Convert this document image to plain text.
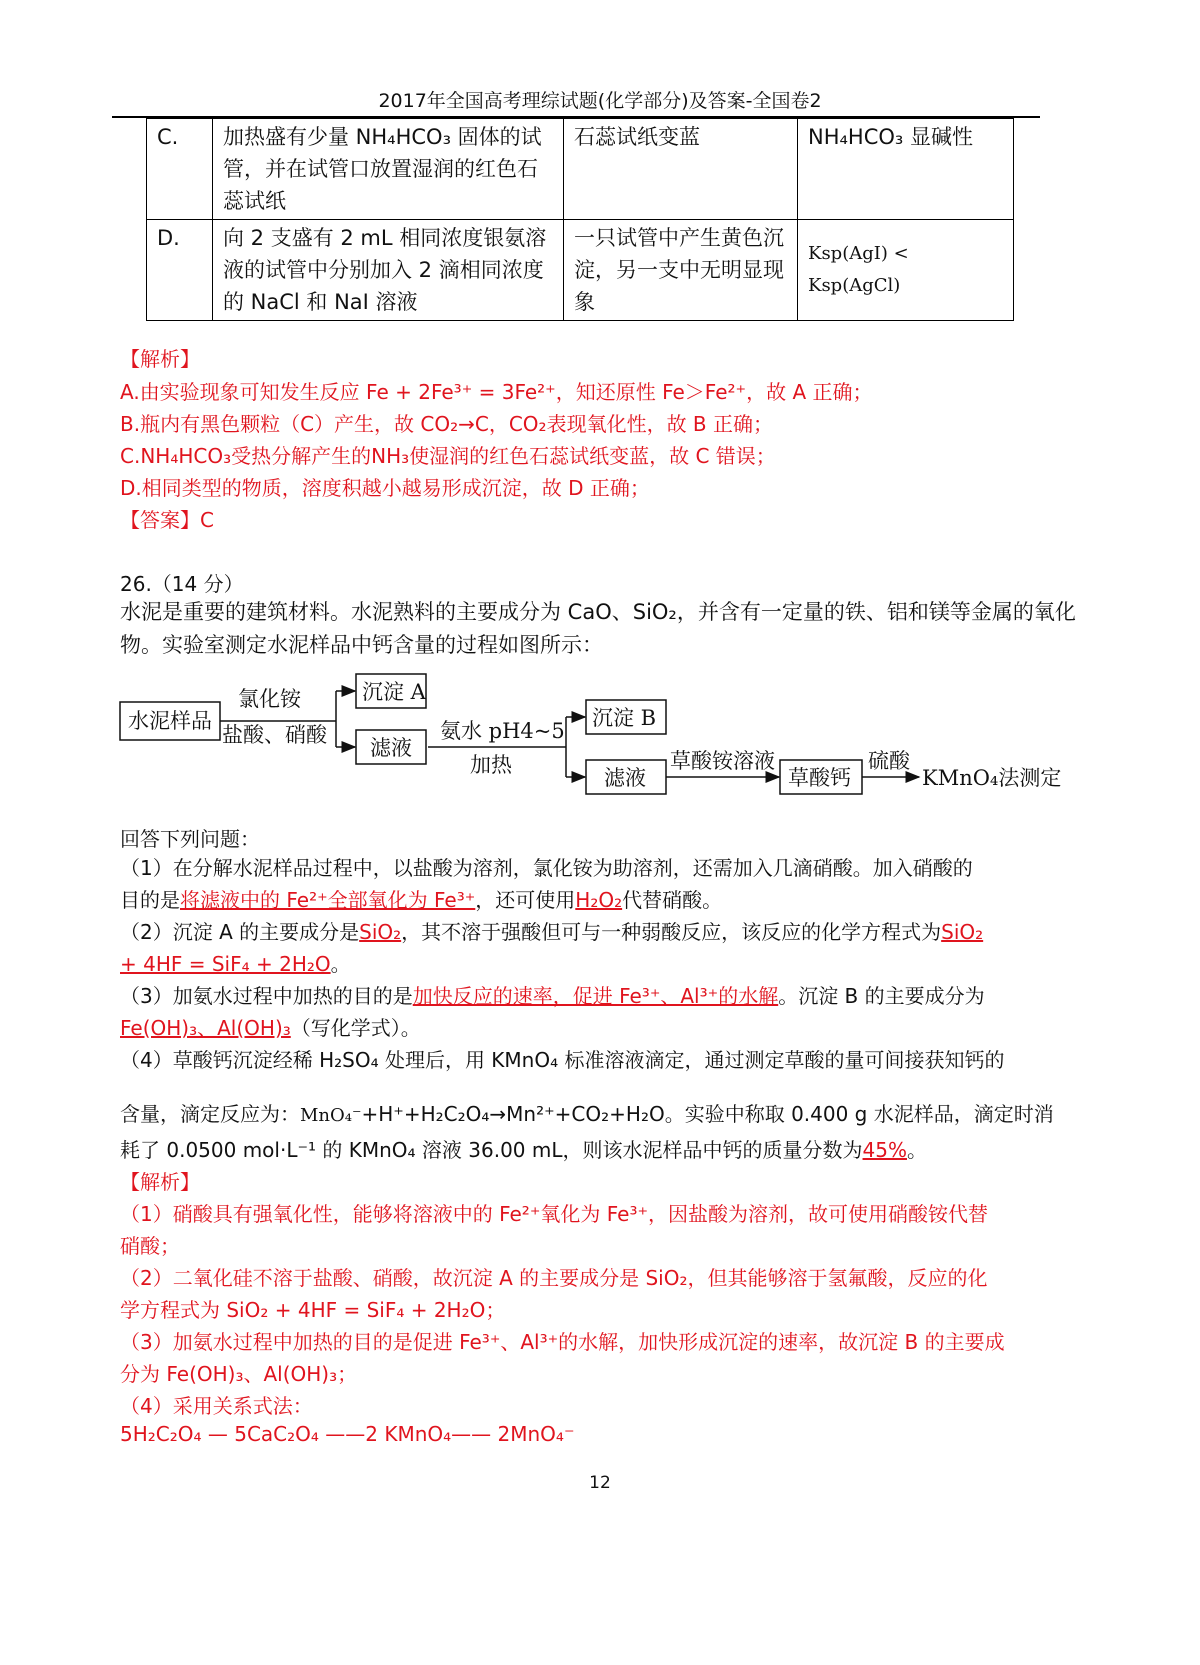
2017年全国高考理综试题(化学部分)及答案-全国卷2
C.	加热盛有少量 NH₄HCO₃ 固体的试管，并在试管口放置湿润的红色石蕊试纸	石蕊试纸变蓝	NH₄HCO₃ 显碱性
D.	向 2 支盛有 2 mL 相同浓度银氨溶液的试管中分别加入 2 滴相同浓度的 NaCl 和 NaI 溶液	一只试管中产生黄色沉淀，另一支中无明显现象	Ksp(AgI) < Ksp(AgCl)
【解析】
A.由实验现象可知发生反应 Fe + 2Fe³⁺ = 3Fe²⁺，知还原性 Fe＞Fe²⁺，故 A 正确；
B.瓶内有黑色颗粒（C）产生，故 CO₂→C，CO₂表现氧化性，故 B 正确；
C.NH₄HCO₃受热分解产生的NH₃使湿润的红色石蕊试纸变蓝，故 C 错误；
D.相同类型的物质，溶度积越小越易形成沉淀，故 D 正确；
【答案】C
26.（14 分）
水泥是重要的建筑材料。水泥熟料的主要成分为 CaO、SiO₂，并含有一定量的铁、铝和镁等金属的氧化物。实验室测定水泥样品中钙含量的过程如图所示：
水泥样品
氯化铵
盐酸、硝酸
沉淀 A
滤液
氨水 pH4~5
加热
沉淀 B
滤液
草酸铵溶液
草酸钙
硫酸
KMnO₄法测定
回答下列问题：
（1）在分解水泥样品过程中，以盐酸为溶剂，氯化铵为助溶剂，还需加入几滴硝酸。加入硝酸的
目的是将滤液中的 Fe²⁺全部氧化为 Fe³⁺，还可使用H₂O₂代替硝酸。
（2）沉淀 A 的主要成分是SiO₂，其不溶于强酸但可与一种弱酸反应，该反应的化学方程式为SiO₂
+ 4HF = SiF₄ + 2H₂O。
（3）加氨水过程中加热的目的是加快反应的速率，促进 Fe³⁺、Al³⁺的水解。沉淀 B 的主要成分为
Fe(OH)₃、Al(OH)₃（写化学式）。
（4）草酸钙沉淀经稀 H₂SO₄ 处理后，用 KMnO₄ 标准溶液滴定，通过测定草酸的量可间接获知钙的
含量，滴定反应为：MnO₄⁻+H⁺+H₂C₂O₄→Mn²⁺+CO₂+H₂O。实验中称取 0.400 g 水泥样品，滴定时消
耗了 0.0500 mol·L⁻¹ 的 KMnO₄ 溶液 36.00 mL，则该水泥样品中钙的质量分数为45%。
【解析】
（1）硝酸具有强氧化性，能够将溶液中的 Fe²⁺氧化为 Fe³⁺，因盐酸为溶剂，故可使用硝酸铵代替
硝酸；
（2）二氧化硅不溶于盐酸、硝酸，故沉淀 A 的主要成分是 SiO₂，但其能够溶于氢氟酸，反应的化
学方程式为 SiO₂ + 4HF = SiF₄ + 2H₂O；
（3）加氨水过程中加热的目的是促进 Fe³⁺、Al³⁺的水解，加快形成沉淀的速率，故沉淀 B 的主要成
分为 Fe(OH)₃、Al(OH)₃；
（4）采用关系式法：
5H₂C₂O₄ — 5CaC₂O₄ ——2 KMnO₄—— 2MnO₄⁻
12
